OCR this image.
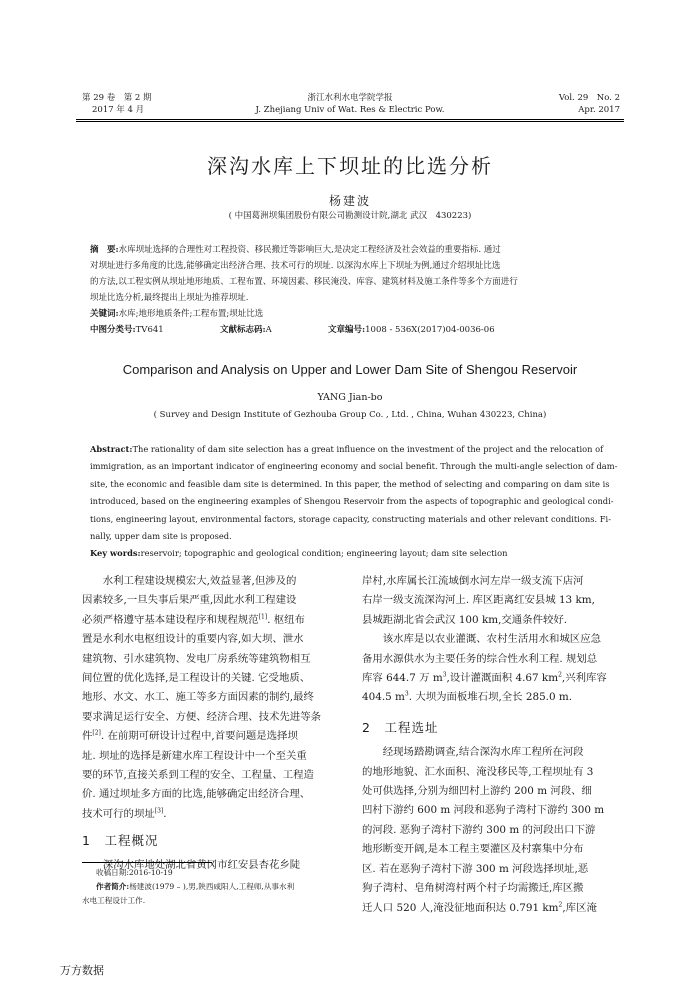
第 29 卷　第 2 期
2017 年 4 月
浙江水利水电学院学报
J. Zhejiang Univ of Wat. Res & Electric Pow.
Vol. 29　No. 2
Apr. 2017
深沟水库上下坝址的比选分析
杨建波
( 中国葛洲坝集团股份有限公司勘测设计院,湖北 武汉　430223)
摘　要:水库坝址选择的合理性对工程投资、移民搬迁等影响巨大,是决定工程经济及社会效益的重要指标. 通过
对坝址进行多角度的比选,能够确定出经济合理、技术可行的坝址. 以深沟水库上下坝址为例,通过介绍坝址比选
的方法,以工程实例从坝址地形地质、工程布置、环境因素、移民淹没、库容、建筑材料及施工条件等多个方面进行
坝址比选分析,最终提出上坝址为推荐坝址.
关键词:水库;地形地质条件;工程布置;坝址比选
中图分类号:TV641	文献标志码:A	文章编号:1008 - 536X(2017)04-0036-06
Comparison and Analysis on Upper and Lower Dam Site of Shengou Reservoir
YANG Jian-bo
( Survey and Design Institute of Gezhouba Group Co. , Ltd. , China, Wuhan 430223, China)
Abstract:The rationality of dam site selection has a great influence on the investment of the project and the relocation of
immigration, as an important indicator of engineering economy and social benefit. Through the multi-angle selection of dam-
site, the economic and feasible dam site is determined. In this paper, the method of selecting and comparing on dam site is
introduced, based on the engineering examples of Shengou Reservoir from the aspects of topographic and geological condi-
tions, engineering layout, environmental factors, storage capacity, constructing materials and other relevant conditions. Fi-
nally, upper dam site is proposed.
Key words:reservoir; topographic and geological condition; engineering layout; dam site selection
　　水利工程建设规模宏大,效益显著,但涉及的
因素较多,一旦失事后果严重,因此水利工程建设
必须严格遵守基本建设程序和规程规范[1]. 枢纽布
置是水利水电枢纽设计的重要内容,如大坝、泄水
建筑物、引水建筑物、发电厂房系统等建筑物相互
间位置的优化选择,是工程设计的关键. 它受地质、
地形、水文、水工、施工等多方面因素的制约,最终
要求满足运行安全、方便、经济合理、技术先进等条
件[2]. 在前期可研设计过程中,首要问题是选择坝
址. 坝址的选择是新建水库工程设计中一个至关重
要的环节,直接关系到工程的安全、工程量、工程造
价. 通过坝址多方面的比选,能够确定出经济合理、
技术可行的坝址[3].
1　 工程概况
　　深沟水库地处湖北省黄冈市红安县杏花乡陡
收稿日期:2016-10-19
作者简介:杨建波(1979 – ),男,陕西咸阳人,工程师,从事水利
水电工程设计工作.
岸村,水库属长江流域倒水河左岸一级支流下店河
右岸一级支流深沟河上. 库区距离红安县城 13 km,
县城距湖北省会武汉 100 km,交通条件较好.
　　该水库是以农业灌溉、农村生活用水和城区应急
备用水源供水为主要任务的综合性水利工程. 规划总
库容 644.7 万 $m^3$,设计灌溉面积 4.67 $km^2$,兴利库容
404.5 $m^3$. 大坝为面板堆石坝,全长 285.0 m.
2　 工程选址
　　经现场踏勘调查,结合深沟水库工程所在河段
的地形地貌、汇水面积、淹没移民等,工程坝址有 3
处可供选择,分别为细凹村上游约 200 m 河段、细
凹村下游约 600 m 河段和恶狗子湾村下游约 300 m
的河段. 恶狗子湾村下游约 300 m 的河段出口下游
地形断变开阔,是本工程主要灌区及村寨集中分布
区. 若在恶狗子湾村下游 300 m 河段选择坝址,恶
狗子湾村、皂角树湾村两个村子均需搬迁,库区搬
迁人口 520 人,淹没征地面积达 0.791 $km^2$,库区淹
万方数据
